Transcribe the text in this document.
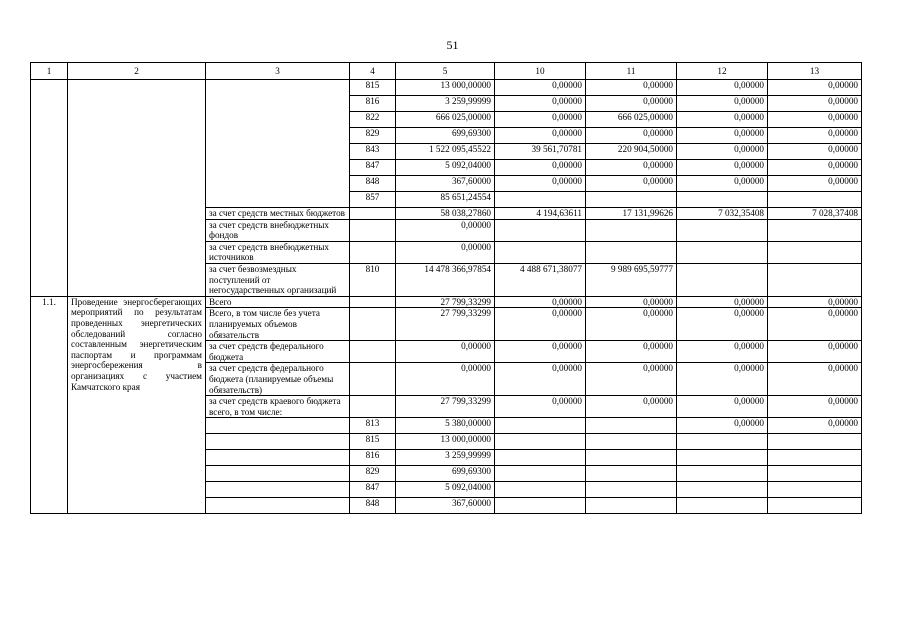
51
1	2	3	4	5	10	11	12	13
			815	13 000,00000	0,00000	0,00000	0,00000	0,00000
			816	3 259,99999	0,00000	0,00000	0,00000	0,00000
			822	666 025,00000	0,00000	666 025,00000	0,00000	0,00000
			829	699,69300	0,00000	0,00000	0,00000	0,00000
			843	1 522 095,45522	39 561,70781	220 904,50000	0,00000	0,00000
			847	5 092,04000	0,00000	0,00000	0,00000	0,00000
			848	367,60000	0,00000	0,00000	0,00000	0,00000
			857	85 651,24554				
		за счет средств местных бюджетов		58 038,27860	4 194,63611	17 131,99626	7 032,35408	7 028,37408
		за счет средств внебюджетных фондов		0,00000				
		за счет средств внебюджетных источников		0,00000				
		за счет безвозмездных поступлений от негосударственных организаций	810	14 478 366,97854	4 488 671,38077	9 989 695,59777		
1.1.	Проведение энергосберегающих мероприятий по результатам проведенных энергетических обследований согласно составленным энергетическим паспортам и программам энергосбережения в организациях с участием Камчатского края	Всего		27 799,33299	0,00000	0,00000	0,00000	0,00000
		Всего, в том числе без учета планируемых объемов обязательств		27 799,33299	0,00000	0,00000	0,00000	0,00000
		за счет средств федерального бюджета		0,00000	0,00000	0,00000	0,00000	0,00000
		за счет средств федерального бюджета (планируемые объемы обязательств)		0,00000	0,00000	0,00000	0,00000	0,00000
		за счет средств краевого бюджета всего, в том числе:		27 799,33299	0,00000	0,00000	0,00000	0,00000
			813	5 380,00000			0,00000	0,00000
			815	13 000,00000				
			816	3 259,99999				
			829	699,69300				
			847	5 092,04000				
			848	367,60000				
